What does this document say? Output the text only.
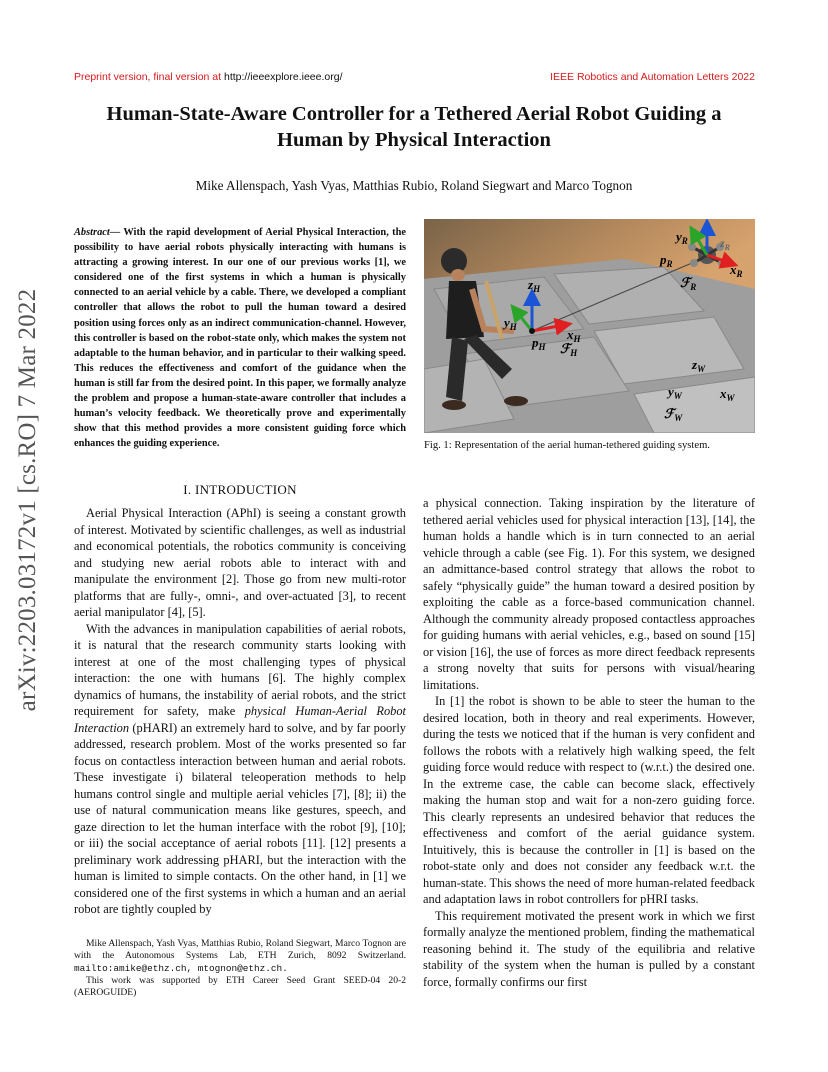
Preprint version, final version at http://ieeexplore.ieee.org/	IEEE Robotics and Automation Letters 2022
Human-State-Aware Controller for a Tethered Aerial Robot Guiding a
Human by Physical Interaction
Mike Allenspach, Yash Vyas, Matthias Rubio, Roland Siegwart and Marco Tognon
arXiv:2203.03172v1 [cs.RO] 7 Mar 2022
Abstract— With the rapid development of Aerial Physical Interaction, the possibility to have aerial robots physically interacting with humans is attracting a growing interest. In our one of our previous works [1], we considered one of the first systems in which a human is physically connected to an aerial vehicle by a cable. There, we developed a compliant controller that allows the robot to pull the human toward a desired position using forces only as an indirect communication-channel. However, this controller is based on the robot-state only, which makes the system not adaptable to the human behavior, and in particular to their walking speed. This reduces the effectiveness and comfort of the guidance when the human is still far from the desired point. In this paper, we formally analyze the problem and propose a human-state-aware controller that includes a human’s velocity feedback. We theoretically prove and experimentally show that this method provides a more consistent guiding force which enhances the guiding experience.
$y_R$	$z_R$
$p_R$	$x_R$
ℱ$_R$
$z_H$
$y_H$	$x_H$
$p_H$ ℱ$_H$
$z_W$
$y_W$	$x_W$
ℱ$_W$
Fig. 1: Representation of the aerial human-tethered guiding system.
I. INTRODUCTION

Aerial Physical Interaction (APhI) is seeing a constant growth of interest. Motivated by scientific challenges, as well as industrial and economical potentials, the robotics community is conceiving and studying new aerial robots able to interact with and manipulate the environment [2]. Those go from new multi-rotor platforms that are fully-, omni-, and over-actuated [3], to recent aerial manipulator [4], [5].

With the advances in manipulation capabilities of aerial robots, it is natural that the research community starts looking with interest at one of the most challenging types of physical interaction: the one with humans [6]. The highly complex dynamics of humans, the instability of aerial robots, and the strict requirement for safety, make physical Human-Aerial Robot Interaction (pHARI) an extremely hard to solve, and by far poorly addressed, research problem. Most of the works presented so far focus on contactless interaction between human and aerial robots. These investigate i) bilateral teleoperation methods to help humans control single and multiple aerial vehicles [7], [8]; ii) the use of natural communication means like gestures, speech, and gaze direction to let the human interface with the robot [9], [10]; or iii) the social acceptance of aerial robots [11]. [12] presents a preliminary work addressing pHARI, but the interaction with the human is limited to simple contacts. On the other hand, in [1] we considered one of the first systems in which a human and an aerial robot are tightly coupled by

Mike Allenspach, Yash Vyas, Matthias Rubio, Roland Siegwart, Marco Tognon are with the Autonomous Systems Lab, ETH Zurich, 8092 Switzerland. mailto:amike@ethz.ch, mtognon@ethz.ch.

This work was supported by ETH Career Seed Grant SEED-04 20-2 (AEROGUIDE)

a physical connection. Taking inspiration by the literature of tethered aerial vehicles used for physical interaction [13], [14], the human holds a handle which is in turn connected to an aerial vehicle through a cable (see Fig. 1). For this system, we designed an admittance-based control strategy that allows the robot to safely “physically guide” the human toward a desired position by exploiting the cable as a force-based communication channel. Although the community already proposed contactless approaches for guiding humans with aerial vehicles, e.g., based on sound [15] or vision [16], the use of forces as more direct feedback represents a strong novelty that suits for persons with visual/hearing limitations.

In [1] the robot is shown to be able to steer the human to the desired location, both in theory and real experiments. However, during the tests we noticed that if the human is very confident and follows the robots with a relatively high walking speed, the felt guiding force would reduce with respect to (w.r.t.) the desired one. In the extreme case, the cable can become slack, effectively making the human stop and wait for a non-zero guiding force. This clearly represents an undesired behavior that reduces the effectiveness and comfort of the aerial guidance system. Intuitively, this is because the controller in [1] is based on the robot-state only and does not consider any feedback w.r.t. the human-state. This shows the need of more human-related feedback and adaptation laws in robot controllers for pHRI tasks.

This requirement motivated the present work in which we first formally analyze the mentioned problem, finding the mathematical reasoning behind it. The study of the equilibria and relative stability of the system when the human is pulled by a constant force, formally confirms our first
